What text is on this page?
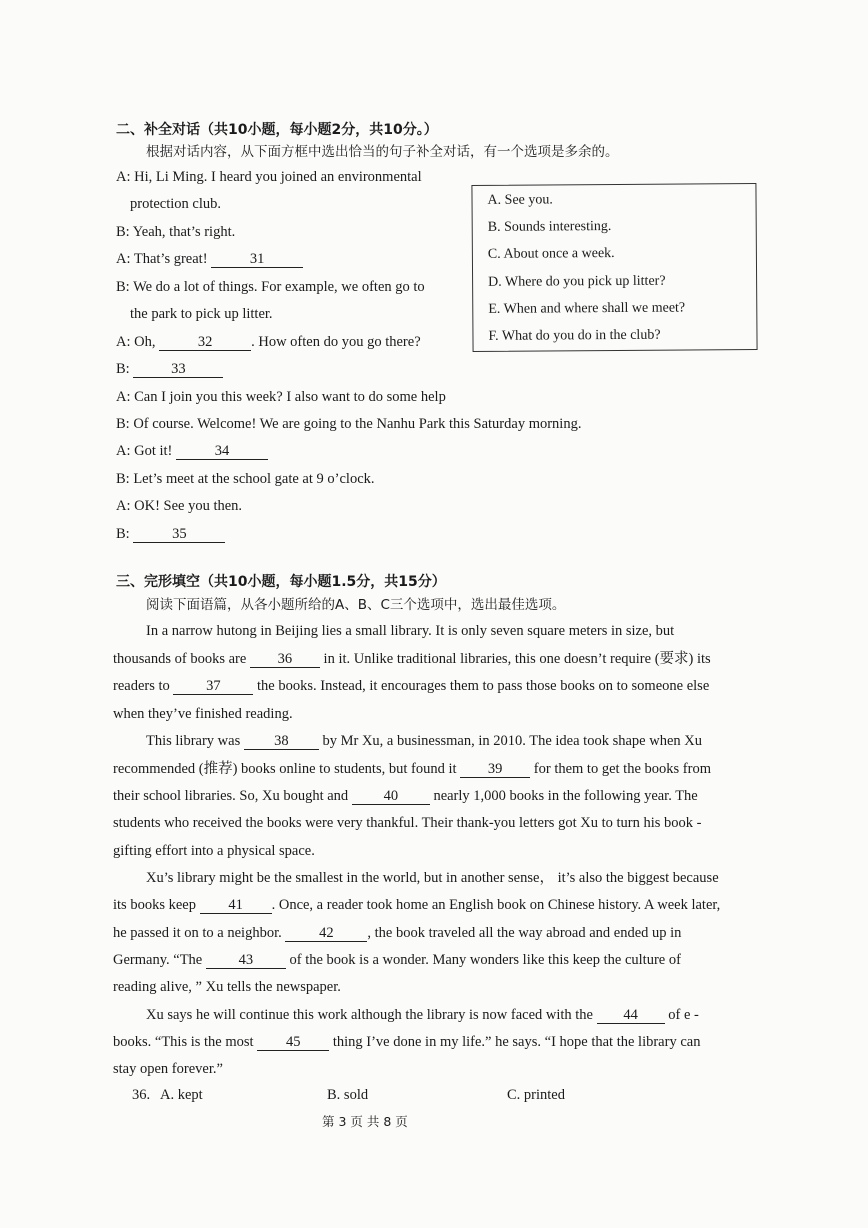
二、补全对话（共10小题，每小题2分，共10分。）
根据对话内容，从下面方框中选出恰当的句子补全对话，有一个选项是多余的。
A: Hi, Li Ming. I heard you joined an environmental
protection club.
B: Yeah, that’s right.
A: That’s great!	31
B: We do a lot of things. For example, we often go to
the park to pick up litter.
A: Oh,	32	. How often do you go there?
B:	33
A: Can I join you this week? I also want to do some help
B: Of course. Welcome! We are going to the Nanhu Park this Saturday morning.
A: Got it!	34
B: Let’s meet at the school gate at 9 o’clock.
A: OK! See you then.
B:	35
A. See you.
B. Sounds interesting.
C. About once a week.
D. Where do you pick up litter?
E. When and where shall we meet?
F. What do you do in the club?
三、完形填空（共10小题，每小题1.5分，共15分）
阅读下面语篇，从各小题所给的A、B、C三个选项中，选出最佳选项。
In a narrow hutong in Beijing lies a small library. It is only seven square meters in size, but
thousands of books are 36 in it. Unlike traditional libraries, this one doesn’t require (要求) its
readers to 37 the books. Instead, it encourages them to pass those books on to someone else
when they’ve finished reading.
This library was 38 by Mr Xu, a businessman, in 2010. The idea took shape when Xu
recommended (推荐) books online to students, but found it 39 for them to get the books from
their school libraries. So, Xu bought and 40 nearly 1,000 books in the following year. The
students who received the books were very thankful. Their thank-you letters got Xu to turn his book -
gifting effort into a physical space.
Xu’s library might be the smallest in the world, but in another sense， it’s also the biggest because
its books keep 41 . Once, a reader took home an English book on Chinese history. A week later,
he passed it on to a neighbor. 42 , the book traveled all the way abroad and ended up in
Germany. “The 43 of the book is a wonder. Many wonders like this keep the culture of
reading alive, ” Xu tells the newspaper.
Xu says he will continue this work although the library is now faced with the 44 of e -
books. “This is the most 45 thing I’ve done in my life.” he says. “I hope that the library can
stay open forever.”
36. A. kept	B. sold	C. printed
第 3 页 共 8 页
